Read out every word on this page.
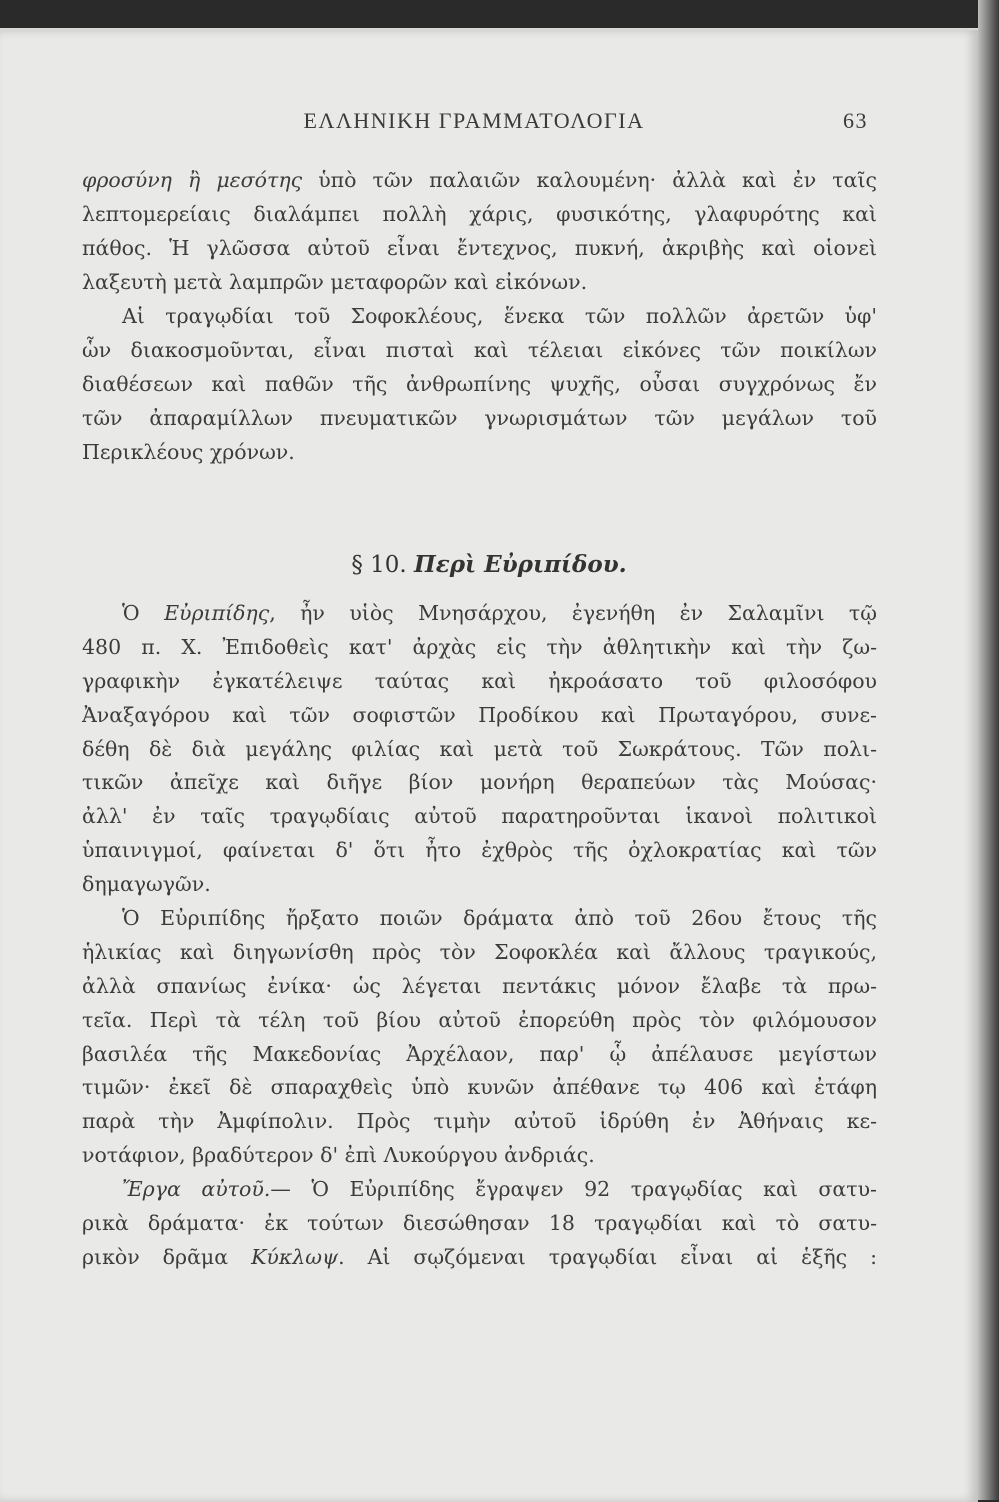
ΕΛΛΗΝΙΚΗ ΓΡΑΜΜΑΤΟΛΟΓΙΑ	63
φροσύνη ἢ μεσότης ὑπὸ τῶν παλαιῶν καλουμένη· ἀλλὰ καὶ ἐν ταῖς
λεπτομερείαις διαλάμπει πολλὴ χάρις, φυσικότης, γλαφυρότης καὶ
πάθος. Ἡ γλῶσσα αὐτοῦ εἶναι ἔντεχνος, πυκνή, ἀκριβὴς καὶ οἱονεὶ
λαξευτὴ μετὰ λαμπρῶν μεταφορῶν καὶ εἰκόνων.
Αἱ τραγῳδίαι τοῦ Σοφοκλέους, ἕνεκα τῶν πολλῶν ἀρετῶν ὑφ'
ὧν διακοσμοῦνται, εἶναι πισταὶ καὶ τέλειαι εἰκόνες τῶν ποικίλων
διαθέσεων καὶ παθῶν τῆς ἀνθρωπίνης ψυχῆς, οὖσαι συγχρόνως ἔν
τῶν ἀπαραμίλλων πνευματικῶν γνωρισμάτων τῶν μεγάλων τοῦ
Περικλέους χρόνων.
§ 10. Περὶ Εὐριπίδου.
Ὁ Εὐριπίδης, ἦν υἱὸς Μνησάρχου, ἐγενήθη ἐν Σαλαμῖνι τῷ
480 π. Χ. Ἐπιδοθεὶς κατ' ἀρχὰς εἰς τὴν ἀθλητικὴν καὶ τὴν ζω-
γραφικὴν ἐγκατέλειψε ταύτας καὶ ἠκροάσατο τοῦ φιλοσόφου
Ἀναξαγόρου καὶ τῶν σοφιστῶν Προδίκου καὶ Πρωταγόρου, συνε-
δέθη δὲ διὰ μεγάλης φιλίας καὶ μετὰ τοῦ Σωκράτους. Τῶν πολι-
τικῶν ἀπεῖχε καὶ διῆγε βίον μονήρη θεραπεύων τὰς Μούσας·
ἀλλ' ἐν ταῖς τραγῳδίαις αὐτοῦ παρατηροῦνται ἱκανοὶ πολιτικοὶ
ὑπαινιγμοί, φαίνεται δ' ὅτι ἦτο ἐχθρὸς τῆς ὀχλοκρατίας καὶ τῶν
δημαγωγῶν.
Ὁ Εὐριπίδης ἤρξατο ποιῶν δράματα ἀπὸ τοῦ 26ου ἔτους τῆς
ἡλικίας καὶ διηγωνίσθη πρὸς τὸν Σοφοκλέα καὶ ἄλλους τραγικούς,
ἀλλὰ σπανίως ἐνίκα· ὡς λέγεται πεντάκις μόνον ἔλαβε τὰ πρω-
τεῖα. Περὶ τὰ τέλη τοῦ βίου αὐτοῦ ἐπορεύθη πρὸς τὸν φιλόμουσον
βασιλέα τῆς Μακεδονίας Ἀρχέλαον, παρ' ᾧ ἀπέλαυσε μεγίστων
τιμῶν· ἐκεῖ δὲ σπαραχθεὶς ὑπὸ κυνῶν ἀπέθανε τῳ 406 καὶ ἐτάφη
παρὰ τὴν Ἀμφίπολιν. Πρὸς τιμὴν αὐτοῦ ἱδρύθη ἐν Ἀθήναις κε-
νοτάφιον, βραδύτερον δ' ἐπὶ Λυκούργου ἀνδριάς.
Ἔργα αὐτοῦ.— Ὁ Εὐριπίδης ἔγραψεν 92 τραγῳδίας καὶ σατυ-
ρικὰ δράματα· ἐκ τούτων διεσώθησαν 18 τραγῳδίαι καὶ τὸ σατυ-
ρικὸν δρᾶμα Κύκλωψ. Αἱ σῳζόμεναι τραγῳδίαι εἶναι αἱ ἑξῆς :
